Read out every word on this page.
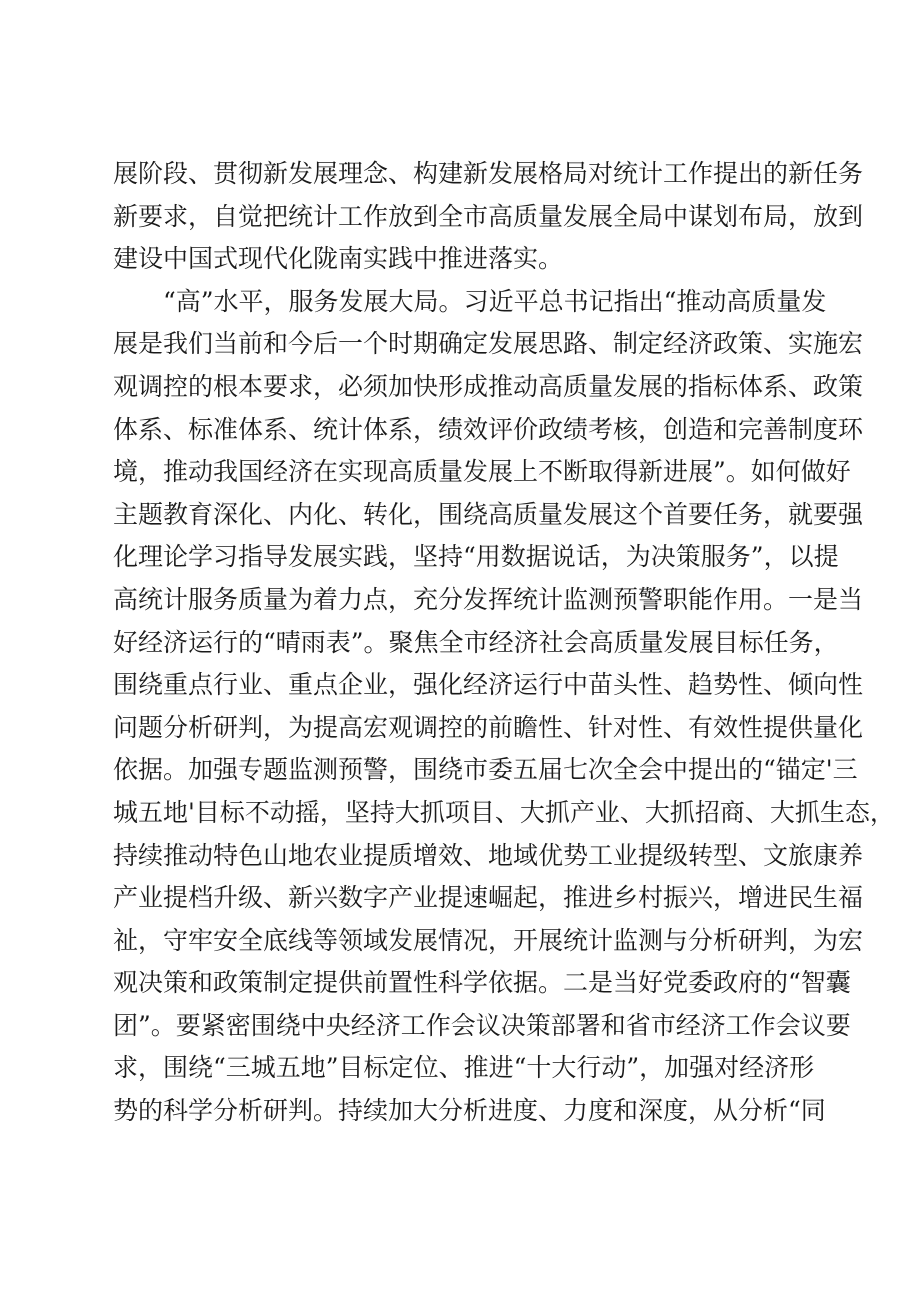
展阶段、贯彻新发展理念、构建新发展格局对统计工作提出的新任务
新要求，自觉把统计工作放到全市高质量发展全局中谋划布局，放到
建设中国式现代化陇南实践中推进落实。
“高”水平，服务发展大局。习近平总书记指出“推动高质量发
展是我们当前和今后一个时期确定发展思路、制定经济政策、实施宏
观调控的根本要求，必须加快形成推动高质量发展的指标体系、政策
体系、标准体系、统计体系，绩效评价政绩考核，创造和完善制度环
境，推动我国经济在实现高质量发展上不断取得新进展”。如何做好
主题教育深化、内化、转化，围绕高质量发展这个首要任务，就要强
化理论学习指导发展实践，坚持“用数据说话，为决策服务”，以提
高统计服务质量为着力点，充分发挥统计监测预警职能作用。一是当
好经济运行的“晴雨表”。聚焦全市经济社会高质量发展目标任务，
围绕重点行业、重点企业，强化经济运行中苗头性、趋势性、倾向性
问题分析研判，为提高宏观调控的前瞻性、针对性、有效性提供量化
依据。加强专题监测预警，围绕市委五届七次全会中提出的“锚定'三
城五地'目标不动摇，坚持大抓项目、大抓产业、大抓招商、大抓生态，
持续推动特色山地农业提质增效、地域优势工业提级转型、文旅康养
产业提档升级、新兴数字产业提速崛起，推进乡村振兴，增进民生福
祉，守牢安全底线等领域发展情况，开展统计监测与分析研判，为宏
观决策和政策制定提供前置性科学依据。二是当好党委政府的“智囊
团”。要紧密围绕中央经济工作会议决策部署和省市经济工作会议要
求，围绕“三城五地”目标定位、推进“十大行动”，加强对经济形
势的科学分析研判。持续加大分析进度、力度和深度，从分析“同
